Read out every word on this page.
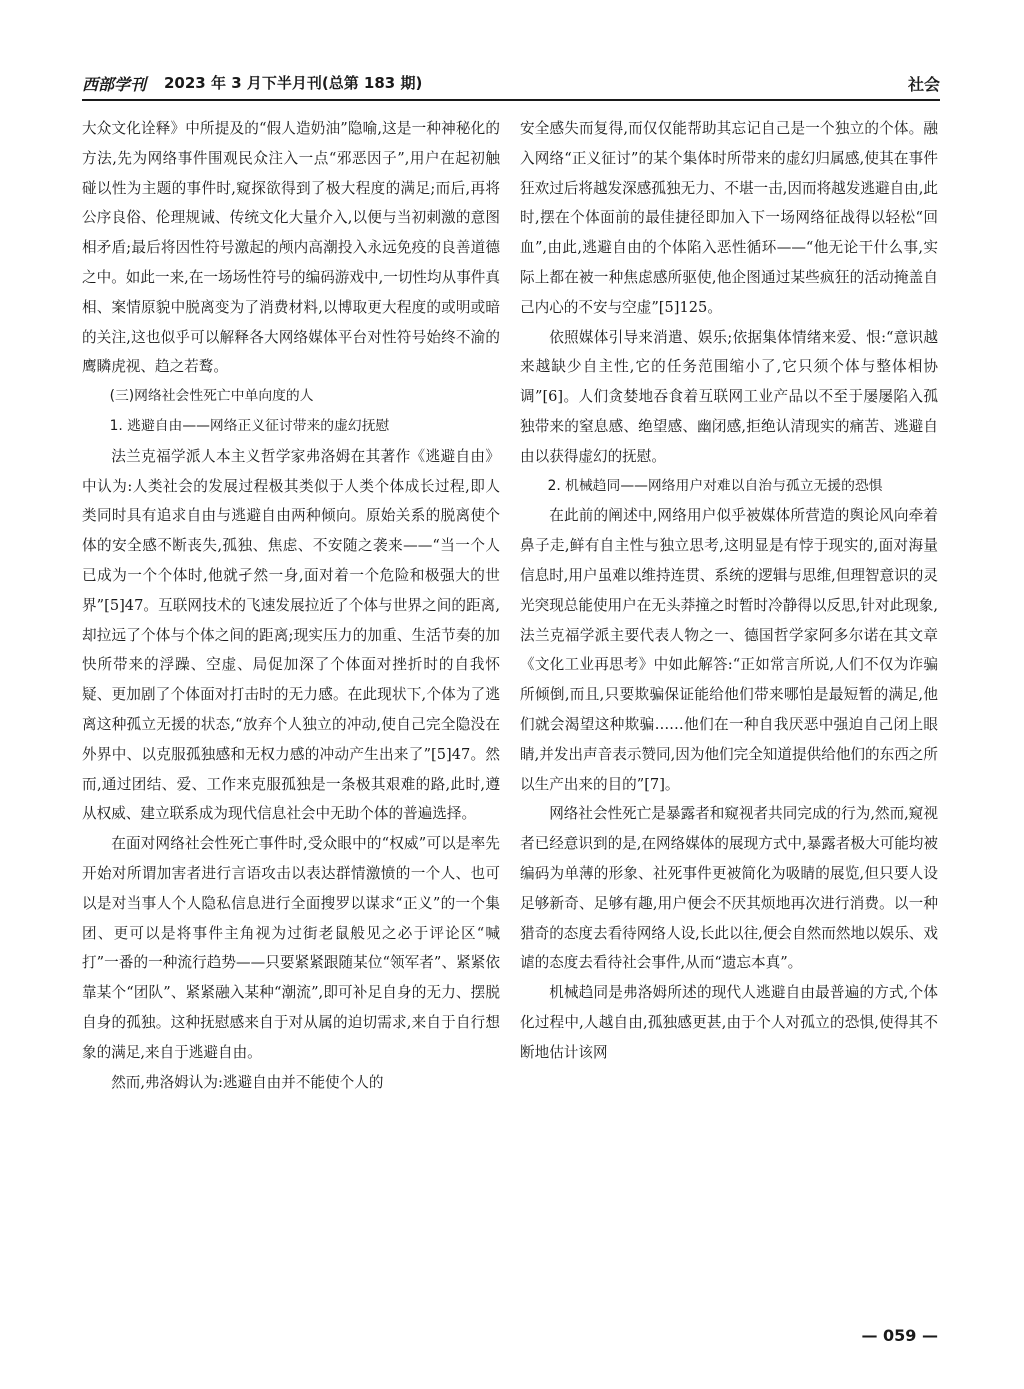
西部学刊 2023 年 3 月下半月刊(总第 183 期)	社会

大众文化诠释》中所提及的“假人造奶油”隐喻,这是一种神秘化的方法,先为网络事件围观民众注入一点“邪恶因子”,用户在起初触碰以性为主题的事件时,窥探欲得到了极大程度的满足;而后,再将公序良俗、伦理规诫、传统文化大量介入,以便与当初刺激的意图相矛盾;最后将因性符号激起的颅内高潮投入永远免疫的良善道德之中。如此一来,在一场场性符号的编码游戏中,一切性均从事件真相、案情原貌中脱离变为了消费材料,以博取更大程度的或明或暗的关注,这也似乎可以解释各大网络媒体平台对性符号始终不渝的鹰瞵虎视、趋之若鹜。

(三)网络社会性死亡中单向度的人

1. 逃避自由——网络正义征讨带来的虚幻抚慰

法兰克福学派人本主义哲学家弗洛姆在其著作《逃避自由》中认为:人类社会的发展过程极其类似于人类个体成长过程,即人类同时具有追求自由与逃避自由两种倾向。原始关系的脱离使个体的安全感不断丧失,孤独、焦虑、不安随之袭来——“当一个人已成为一个个体时,他就孑然一身,面对着一个危险和极强大的世界”[5]47。互联网技术的飞速发展拉近了个体与世界之间的距离,却拉远了个体与个体之间的距离;现实压力的加重、生活节奏的加快所带来的浮躁、空虚、局促加深了个体面对挫折时的自我怀疑、更加剧了个体面对打击时的无力感。在此现状下,个体为了逃离这种孤立无援的状态,“放弃个人独立的冲动,使自己完全隐没在外界中、以克服孤独感和无权力感的冲动产生出来了”[5]47。然而,通过团结、爱、工作来克服孤独是一条极其艰难的路,此时,遵从权威、建立联系成为现代信息社会中无助个体的普遍选择。

在面对网络社会性死亡事件时,受众眼中的“权威”可以是率先开始对所谓加害者进行言语攻击以表达群情激愤的一个人、也可以是对当事人个人隐私信息进行全面搜罗以谋求“正义”的一个集团、更可以是将事件主角视为过街老鼠般见之必于评论区“喊打”一番的一种流行趋势——只要紧紧跟随某位“领军者”、紧紧依靠某个“团队”、紧紧融入某种“潮流”,即可补足自身的无力、摆脱自身的孤独。这种抚慰感来自于对从属的迫切需求,来自于自行想象的满足,来自于逃避自由。

然而,弗洛姆认为:逃避自由并不能使个人的

安全感失而复得,而仅仅能帮助其忘记自己是一个独立的个体。融入网络“正义征讨”的某个集体时所带来的虚幻归属感,使其在事件狂欢过后将越发深感孤独无力、不堪一击,因而将越发逃避自由,此时,摆在个体面前的最佳捷径即加入下一场网络征战得以轻松“回血”,由此,逃避自由的个体陷入恶性循环——“他无论干什么事,实际上都在被一种焦虑感所驱使,他企图通过某些疯狂的活动掩盖自己内心的不安与空虚”[5]125。

依照媒体引导来消遣、娱乐;依据集体情绪来爱、恨:“意识越来越缺少自主性,它的任务范围缩小了,它只须个体与整体相协调”[6]。人们贪婪地吞食着互联网工业产品以不至于屡屡陷入孤独带来的窒息感、绝望感、幽闭感,拒绝认清现实的痛苦、逃避自由以获得虚幻的抚慰。

2. 机械趋同——网络用户对难以自治与孤立无援的恐惧

在此前的阐述中,网络用户似乎被媒体所营造的舆论风向牵着鼻子走,鲜有自主性与独立思考,这明显是有悖于现实的,面对海量信息时,用户虽难以维持连贯、系统的逻辑与思维,但理智意识的灵光突现总能使用户在无头莽撞之时暂时冷静得以反思,针对此现象,法兰克福学派主要代表人物之一、德国哲学家阿多尔诺在其文章《文化工业再思考》中如此解答:“正如常言所说,人们不仅为诈骗所倾倒,而且,只要欺骗保证能给他们带来哪怕是最短暂的满足,他们就会渴望这种欺骗……他们在一种自我厌恶中强迫自己闭上眼睛,并发出声音表示赞同,因为他们完全知道提供给他们的东西之所以生产出来的目的”[7]。

网络社会性死亡是暴露者和窥视者共同完成的行为,然而,窥视者已经意识到的是,在网络媒体的展现方式中,暴露者极大可能均被编码为单薄的形象、社死事件更被简化为吸睛的展览,但只要人设足够新奇、足够有趣,用户便会不厌其烦地再次进行消费。以一种猎奇的态度去看待网络人设,长此以往,便会自然而然地以娱乐、戏谑的态度去看待社会事件,从而“遗忘本真”。

机械趋同是弗洛姆所述的现代人逃避自由最普遍的方式,个体化过程中,人越自由,孤独感更甚,由于个人对孤立的恐惧,使得其不断地估计该网

— 059 —
